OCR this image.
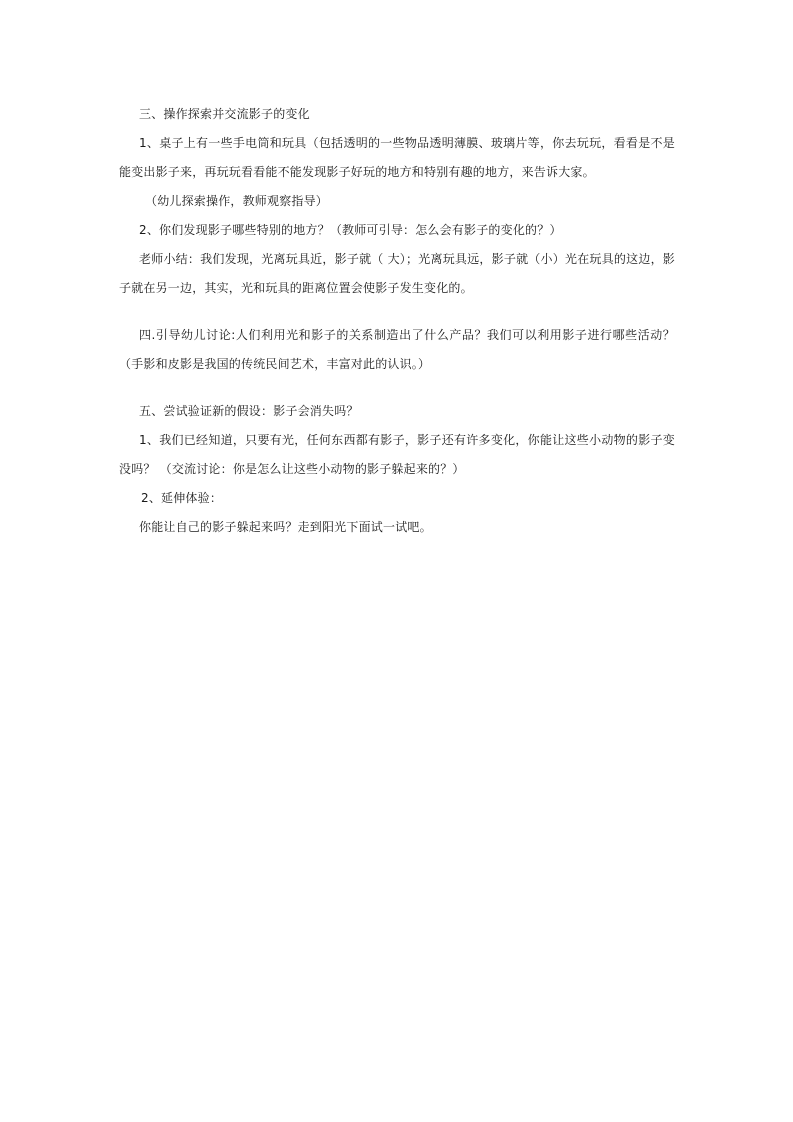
三、操作探索并交流影子的变化

1、桌子上有一些手电筒和玩具（包括透明的一些物品透明薄膜、玻璃片等，你去玩玩，看看是不是能变出影子来，再玩玩看看能不能发现影子好玩的地方和特别有趣的地方，来告诉大家。

（幼儿探索操作，教师观察指导）

2、你们发现影子哪些特别的地方？（教师可引导：怎么会有影子的变化的？）

老师小结：我们发现，光离玩具近，影子就（ 大）；光离玩具远，影子就（小）光在玩具的这边，影子就在另一边，其实，光和玩具的距离位置会使影子发生变化的。

四.引导幼儿讨论:人们利用光和影子的关系制造出了什么产品？我们可以利用影子进行哪些活动？（手影和皮影是我国的传统民间艺术，丰富对此的认识。）

五、尝试验证新的假设：影子会消失吗？

1、我们已经知道，只要有光，任何东西都有影子，影子还有许多变化，你能让这些小动物的影子变没吗？ （交流讨论：你是怎么让这些小动物的影子躲起来的？）

2、延伸体验：

你能让自己的影子躲起来吗？走到阳光下面试一试吧。
